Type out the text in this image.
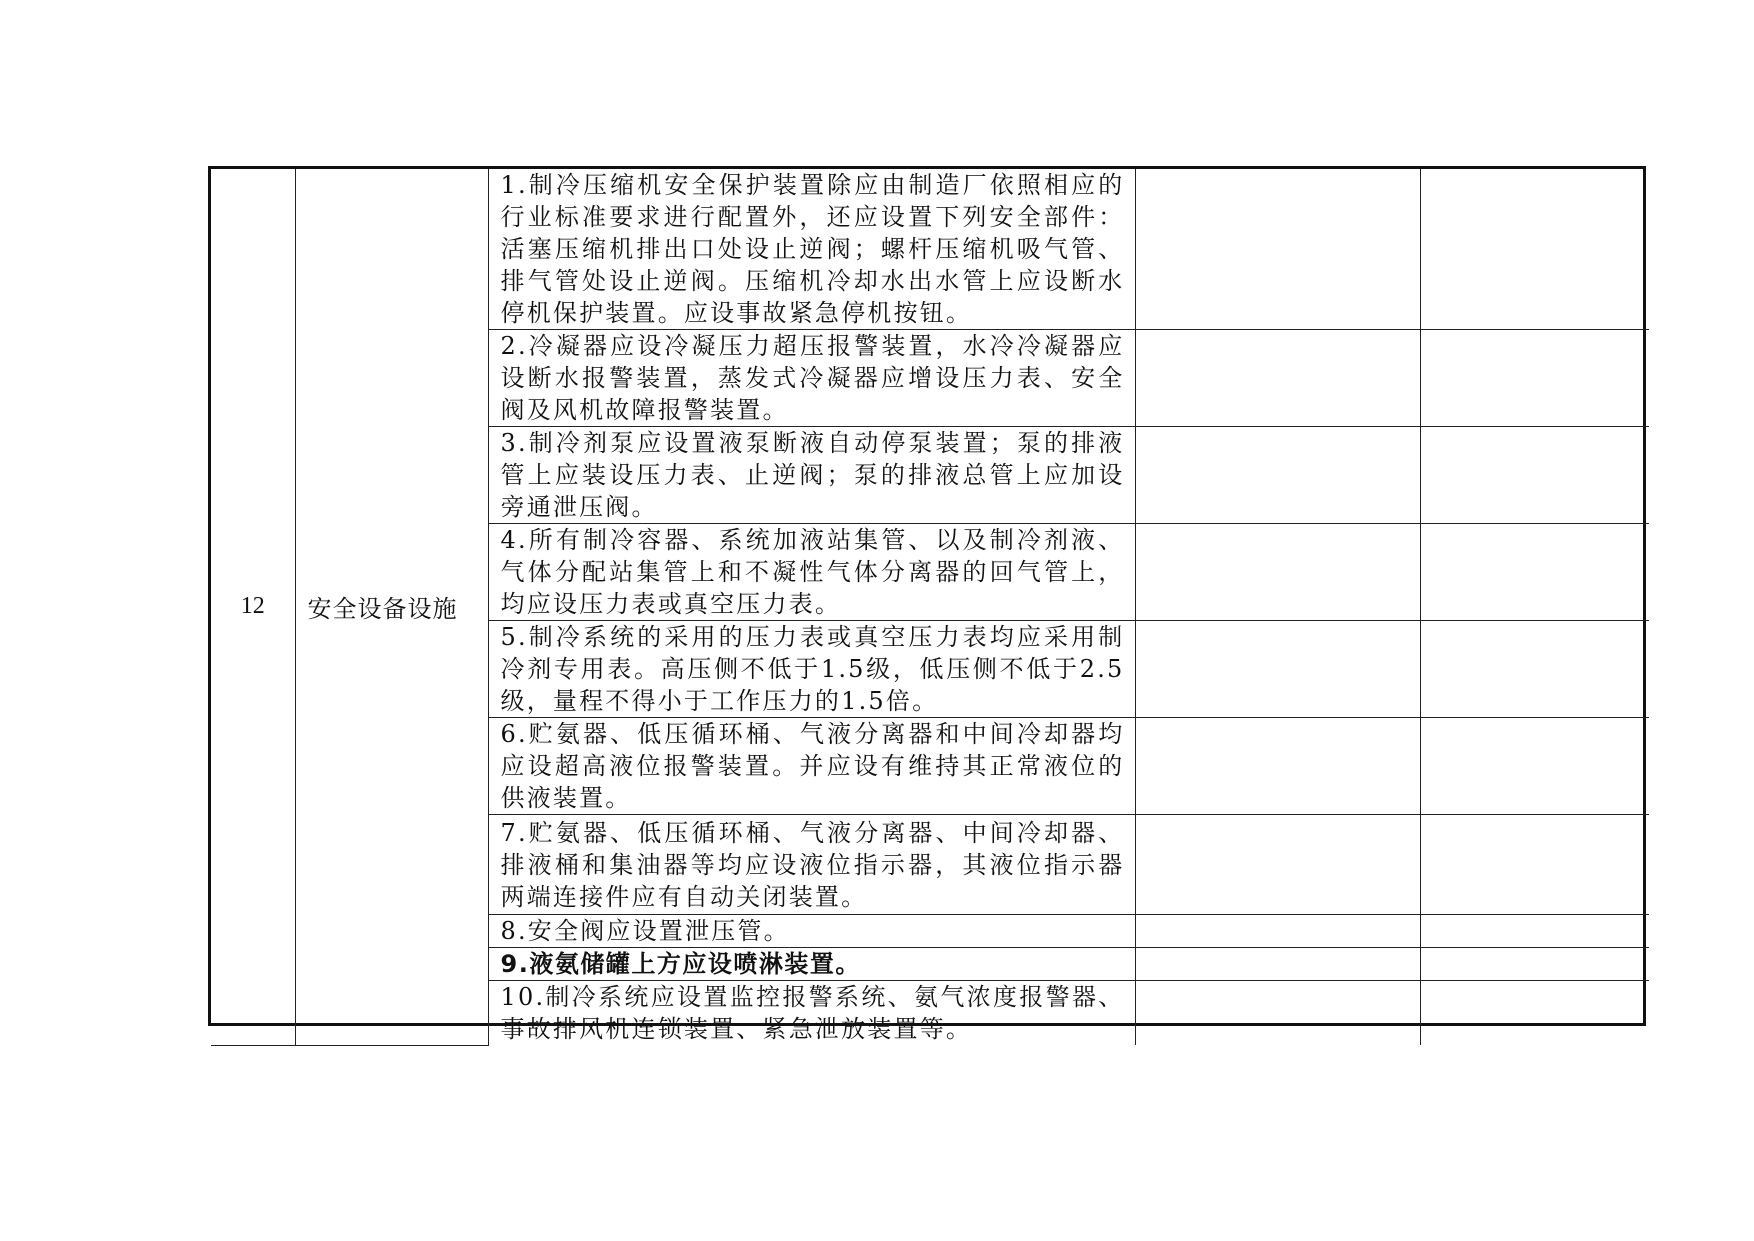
12	安全设备设施	1.制冷压缩机安全保护装置除应由制造厂依照相应的行业标准要求进行配置外，还应设置下列安全部件：活塞压缩机排出口处设止逆阀；螺杆压缩机吸气管、排气管处设止逆阀。压缩机冷却水出水管上应设断水停机保护装置。应设事故紧急停机按钮。		
		2.冷凝器应设冷凝压力超压报警装置，水冷冷凝器应设断水报警装置，蒸发式冷凝器应增设压力表、安全阀及风机故障报警装置。		
		3.制冷剂泵应设置液泵断液自动停泵装置；泵的排液管上应装设压力表、止逆阀；泵的排液总管上应加设旁通泄压阀。		
		4.所有制冷容器、系统加液站集管、以及制冷剂液、气体分配站集管上和不凝性气体分离器的回气管上，均应设压力表或真空压力表。		
		5.制冷系统的采用的压力表或真空压力表均应采用制冷剂专用表。高压侧不低于1.5级，低压侧不低于2.5级，量程不得小于工作压力的1.5倍。		
		6.贮氨器、低压循环桶、气液分离器和中间冷却器均应设超高液位报警装置。并应设有维持其正常液位的供液装置。		
		7.贮氨器、低压循环桶、气液分离器、中间冷却器、排液桶和集油器等均应设液位指示器，其液位指示器两端连接件应有自动关闭装置。		
		8.安全阀应设置泄压管。		
		9.液氨储罐上方应设喷淋装置。		
		10.制冷系统应设置监控报警系统、氨气浓度报警器、事故排风机连锁装置、紧急泄放装置等。		
